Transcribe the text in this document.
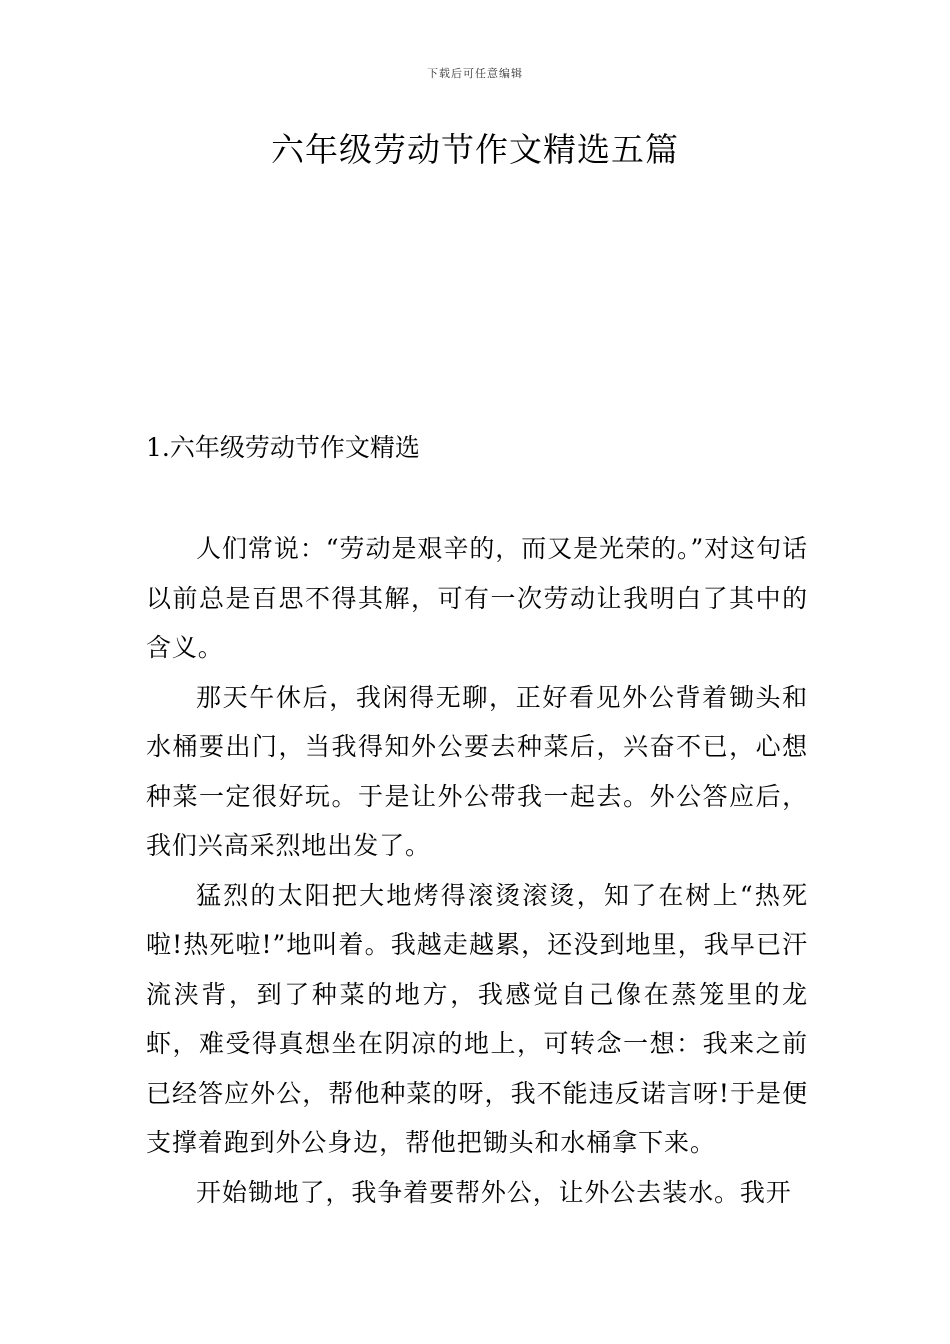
下载后可任意编辑
六年级劳动节作文精选五篇
1.六年级劳动节作文精选

人们常说：“劳动是艰辛的，而又是光荣的。”对这句话以前总是百思不得其解，可有一次劳动让我明白了其中的含义。

那天午休后，我闲得无聊，正好看见外公背着锄头和水桶要出门，当我得知外公要去种菜后，兴奋不已，心想种菜一定很好玩。于是让外公带我一起去。外公答应后，我们兴高采烈地出发了。

猛烈的太阳把大地烤得滚烫滚烫，知了在树上“热死啦!热死啦!”地叫着。我越走越累，还没到地里，我早已汗流浃背，到了种菜的地方，我感觉自己像在蒸笼里的龙虾，难受得真想坐在阴凉的地上，可转念一想：我来之前已经答应外公，帮他种菜的呀，我不能违反诺言呀!于是便支撑着跑到外公身边，帮他把锄头和水桶拿下来。

开始锄地了，我争着要帮外公，让外公去装水。我开
